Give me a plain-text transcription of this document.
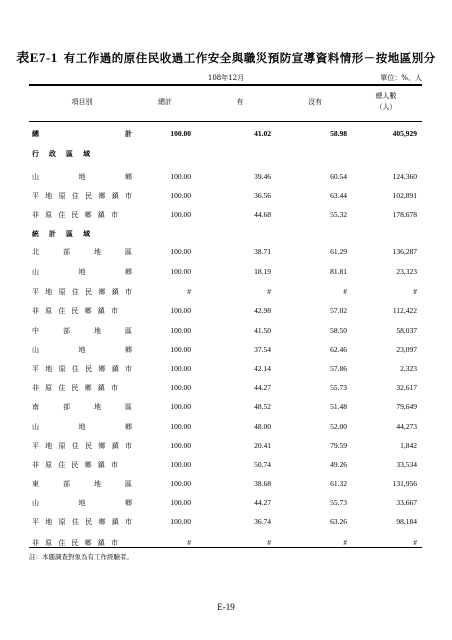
表E7-1 有工作過的原住民收過工作安全與職災預防宣導資料情形－按地區別分
108年12月	單位：%、人
項目別	總計	有	沒有
總人數
（人）
總	計	100.00	41.02	58.98	405,929
行 政 區 域
山	地	鄉	100.00	39.46	60.54	124,360
平 地 原 住 民 鄉 鎮 市	100.00	36.56	63.44	102,891
非 原 住 民 鄉 鎮 市	100.00	44.68	55.32	178,678
統 計 區 域
北	部	地	區	100.00	38.71	61.29	136,287
山	地	鄉	100.00	18.19	81.81	23,323
平 地 原 住 民 鄉 鎮 市	#	#	#	#
非 原 住 民 鄉 鎮 市	100.00	42.98	57.02	112,422
中	部	地	區	100.00	41.50	58.50	58,037
山	地	鄉	100.00	37.54	62.46	23,097
平 地 原 住 民 鄉 鎮 市	100.00	42.14	57.86	2,323
非 原 住 民 鄉 鎮 市	100.00	44.27	55.73	32,617
南	部	地	區	100.00	48.52	51.48	79,649
山	地	鄉	100.00	48.00	52.00	44,273
平 地 原 住 民 鄉 鎮 市	100.00	20.41	79.59	1,842
非 原 住 民 鄉 鎮 市	100.00	50.74	49.26	33,534
東	部	地	區	100.00	38.68	61.32	131,956
山	地	鄉	100.00	44.27	55.73	33,667
平 地 原 住 民 鄉 鎮 市	100.00	36.74	63.26	98,184
非 原 住 民 鄉 鎮 市	#	#	#	#
註：本題調查對象為有工作經驗者。
E-19
